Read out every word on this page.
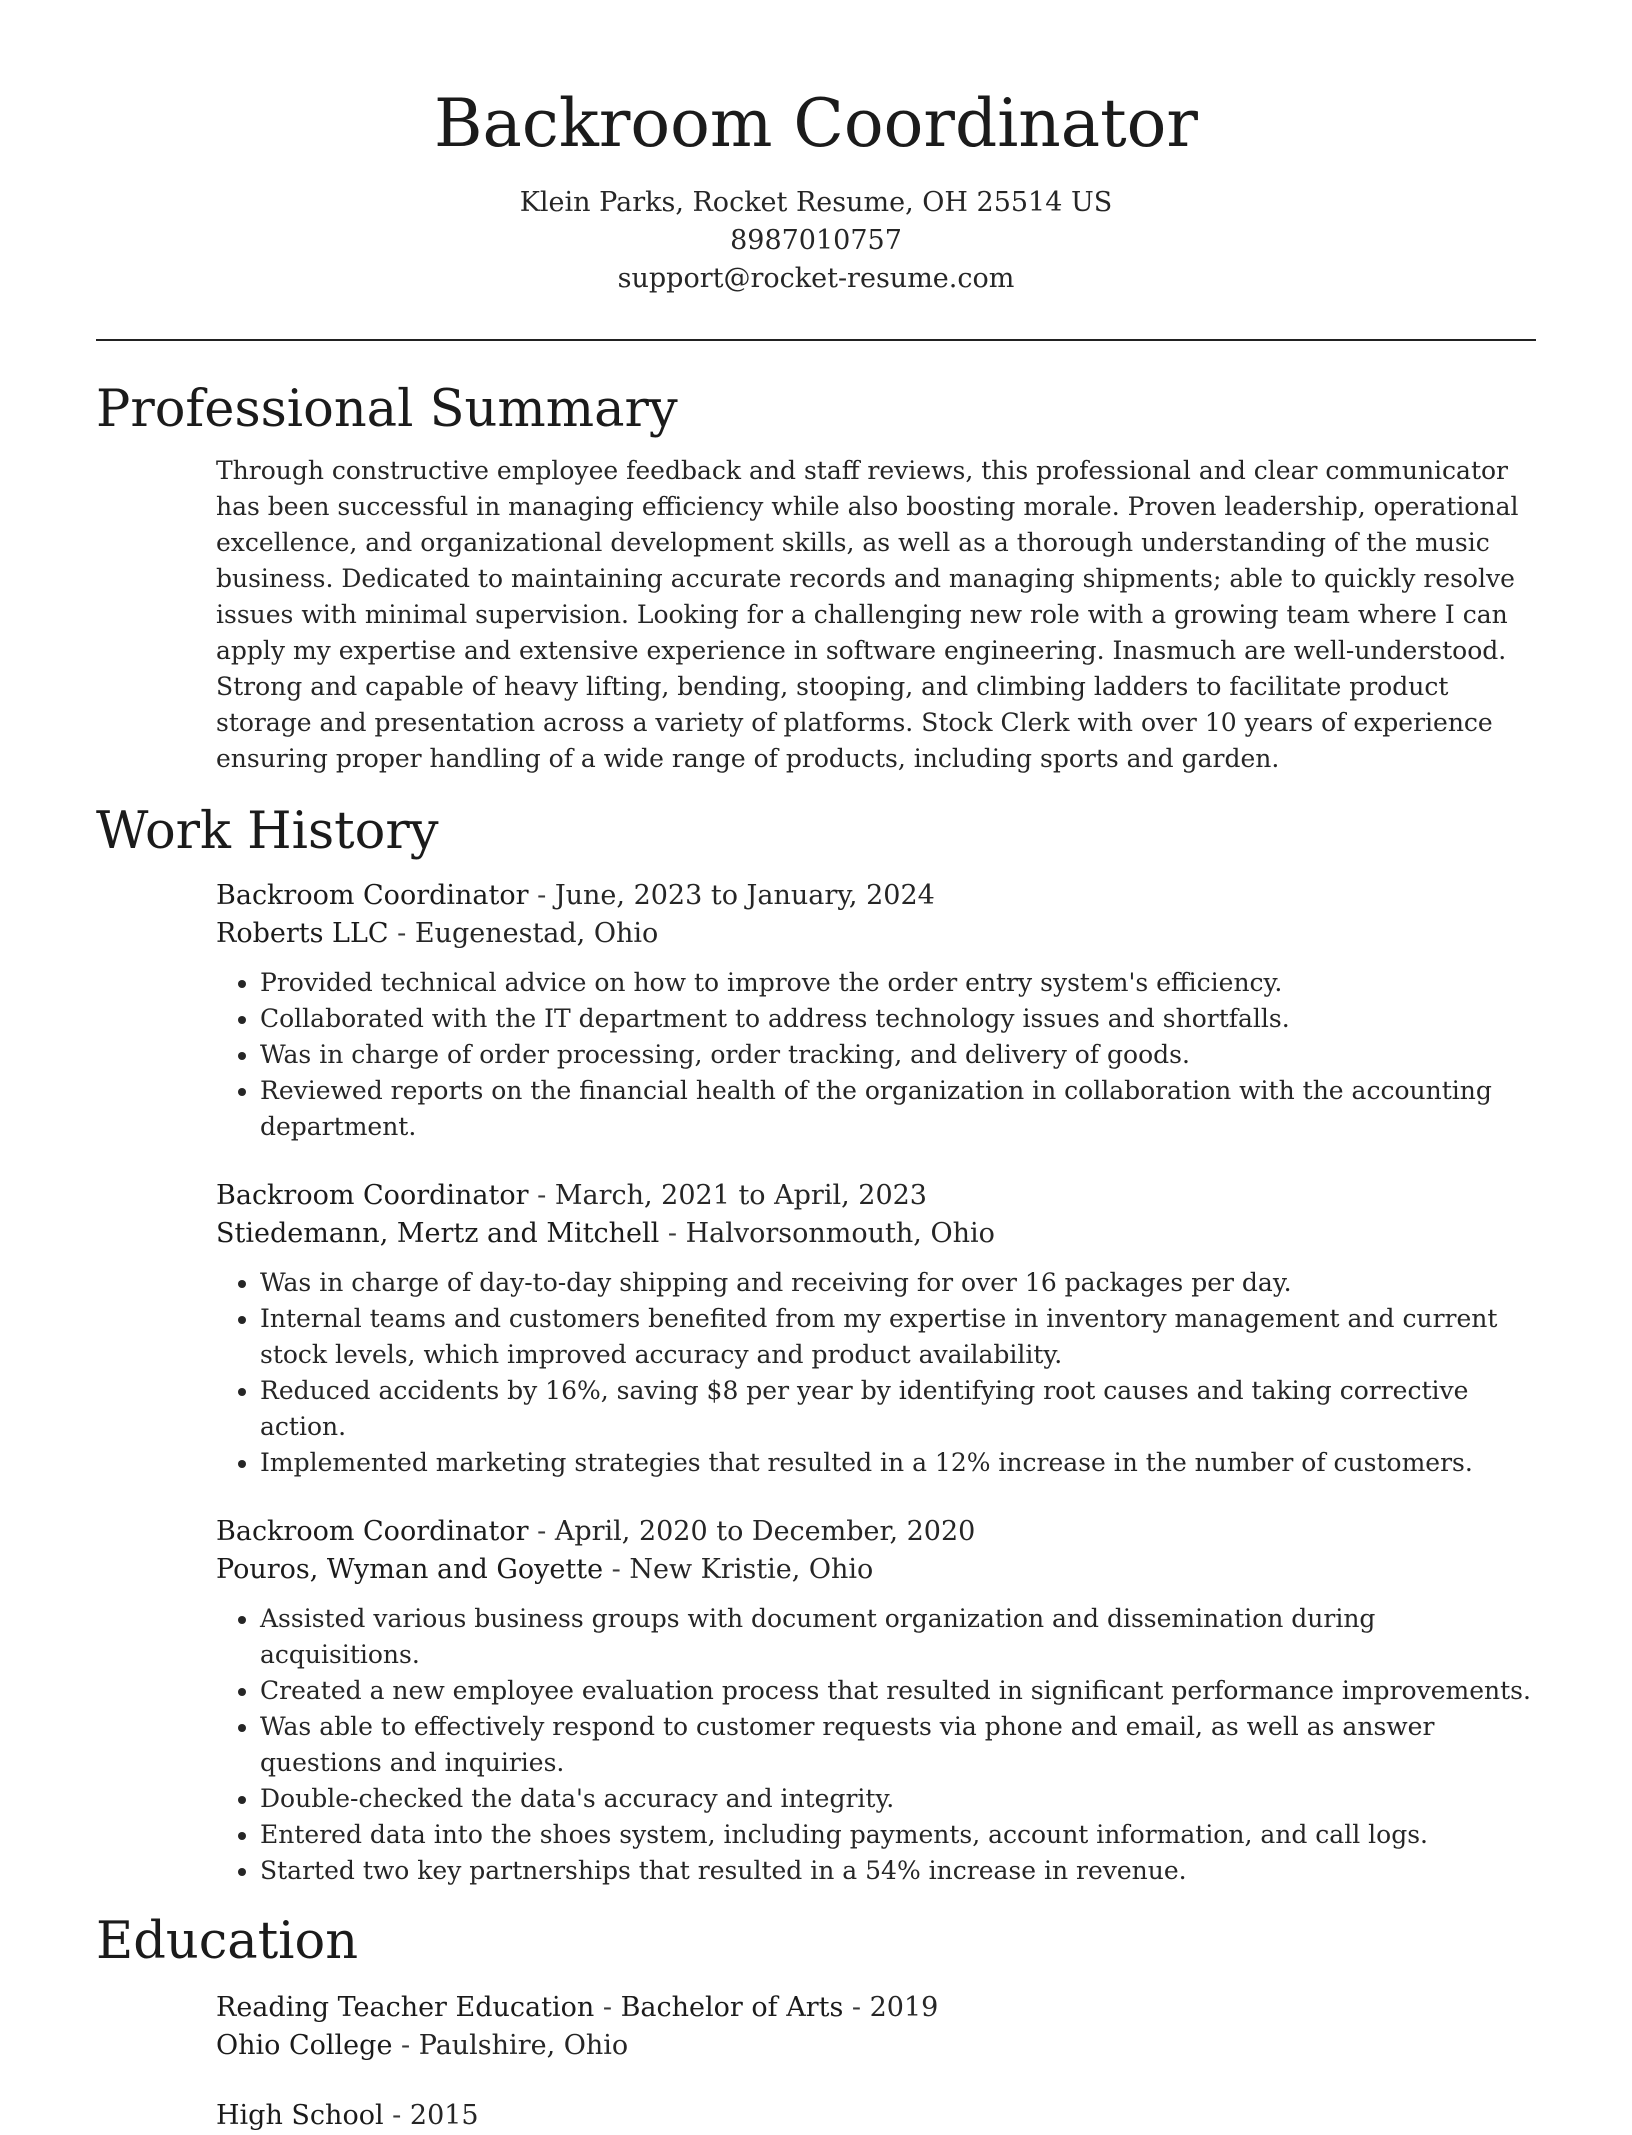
Backroom Coordinator
Klein Parks, Rocket Resume, OH 25514 US
8987010757
support@rocket-resume.com
Professional Summary
Through constructive employee feedback and staff reviews, this professional and clear communicator has been successful in managing efficiency while also boosting morale. Proven leadership, operational excellence, and organizational development skills, as well as a thorough understanding of the music business. Dedicated to maintaining accurate records and managing shipments; able to quickly resolve issues with minimal supervision. Looking for a challenging new role with a growing team where I can apply my expertise and extensive experience in software engineering. Inasmuch are well-understood. Strong and capable of heavy lifting, bending, stooping, and climbing ladders to facilitate product storage and presentation across a variety of platforms. Stock Clerk with over 10 years of experience ensuring proper handling of a wide range of products, including sports and garden.
Work History
Backroom Coordinator - June, 2023 to January, 2024
Roberts LLC - Eugenestad, Ohio
• Provided technical advice on how to improve the order entry system's efficiency.
• Collaborated with the IT department to address technology issues and shortfalls.
• Was in charge of order processing, order tracking, and delivery of goods.
• Reviewed reports on the financial health of the organization in collaboration with the accounting department.
Backroom Coordinator - March, 2021 to April, 2023
Stiedemann, Mertz and Mitchell - Halvorsonmouth, Ohio
• Was in charge of day-to-day shipping and receiving for over 16 packages per day.
• Internal teams and customers benefited from my expertise in inventory management and current stock levels, which improved accuracy and product availability.
• Reduced accidents by 16%, saving $8 per year by identifying root causes and taking corrective action.
• Implemented marketing strategies that resulted in a 12% increase in the number of customers.
Backroom Coordinator - April, 2020 to December, 2020
Pouros, Wyman and Goyette - New Kristie, Ohio
• Assisted various business groups with document organization and dissemination during acquisitions.
• Created a new employee evaluation process that resulted in significant performance improvements.
• Was able to effectively respond to customer requests via phone and email, as well as answer questions and inquiries.
• Double-checked the data's accuracy and integrity.
• Entered data into the shoes system, including payments, account information, and call logs.
• Started two key partnerships that resulted in a 54% increase in revenue.
Education
Reading Teacher Education - Bachelor of Arts - 2019
Ohio College - Paulshire, Ohio
High School - 2015
